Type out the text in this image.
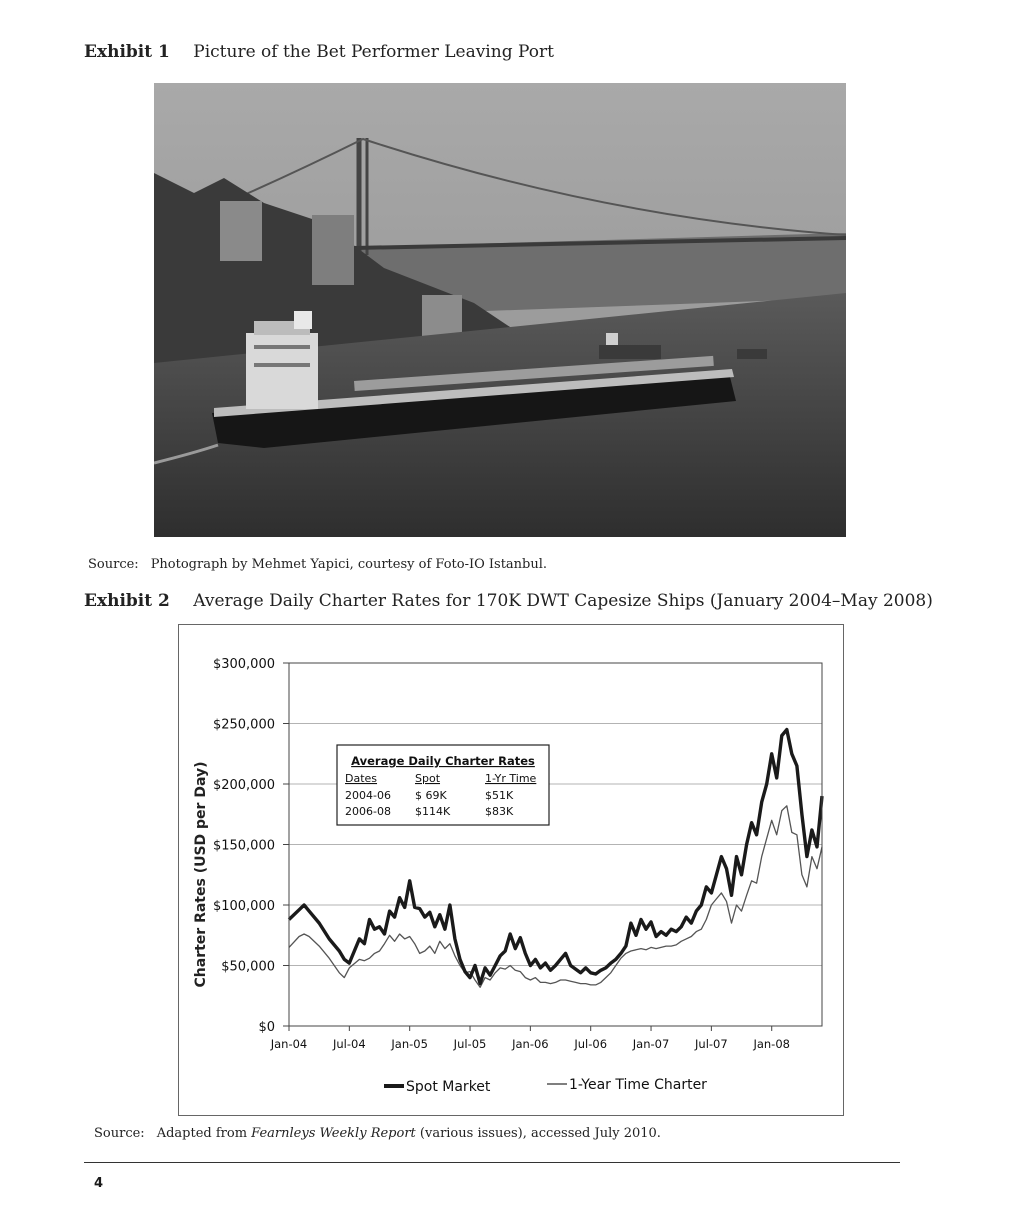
Exhibit 1 Picture of the Bet Performer Leaving Port
Source: Photograph by Mehmet Yapici, courtesy of Foto-IO Istanbul.
Exhibit 2 Average Daily Charter Rates for 170K DWT Capesize Ships (January 2004–May 2008)
$0
$50,000
$100,000
$150,000
$200,000
$250,000
$300,000
Jan-04 Jul-04 Jan-05 Jul-05 Jan-06 Jul-06 Jan-07 Jul-07 Jan-08
Charter Rates (USD per Day)
Average Daily Charter Rates
Dates	Spot	1-Yr Time
2004-06 $ 69K	$51K
2006-08 $114K	$83K
Spot Market	1-Year Time Charter
Source: Adapted from Fearnleys Weekly Report (various issues), accessed July 2010.
4
